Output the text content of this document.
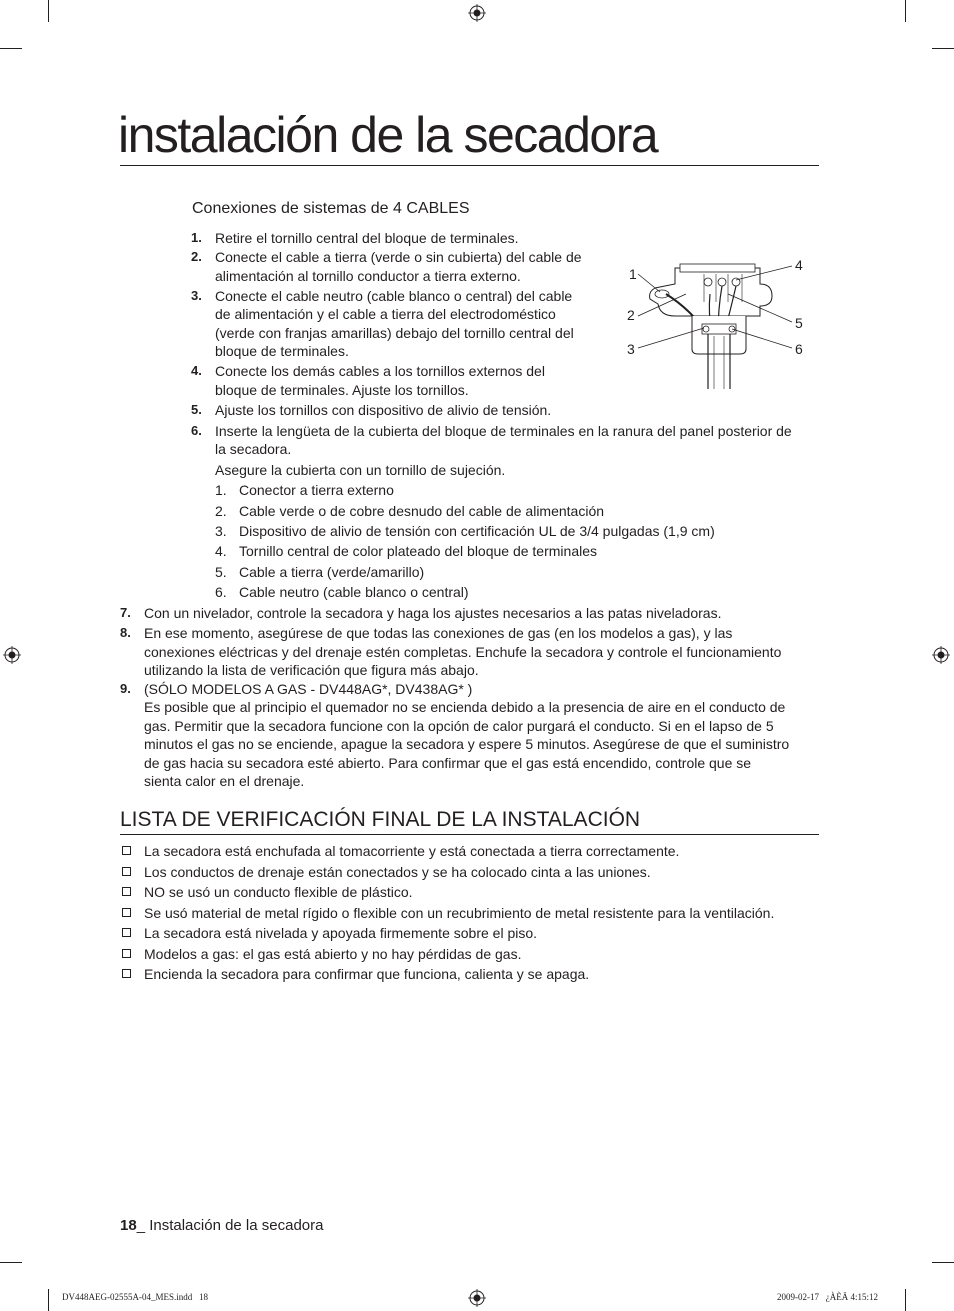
instalación de la secadora
Conexiones de sistemas de 4 CABLES
1. Retire el tornillo central del bloque de terminales.
2. Conecte el cable a tierra (verde o sin cubierta) del cable de
alimentación al tornillo conductor a tierra externo.
3. Conecte el cable neutro (cable blanco o central) del cable
de alimentación y el cable a tierra del electrodoméstico
(verde con franjas amarillas) debajo del tornillo central del
bloque de terminales.
4. Conecte los demás cables a los tornillos externos del
bloque de terminales. Ajuste los tornillos.
5. Ajuste los tornillos con dispositivo de alivio de tensión.
6. Inserte la lengüeta de la cubierta del bloque de terminales en la ranura del panel posterior de
la secadora.
Asegure la cubierta con un tornillo de sujeción.
1. Conector a tierra externo
2. Cable verde o de cobre desnudo del cable de alimentación
3. Dispositivo de alivio de tensión con certificación UL de 3/4 pulgadas (1,9 cm)
4. Tornillo central de color plateado del bloque de terminales
5. Cable a tierra (verde/amarillo)
6. Cable neutro (cable blanco o central)
7. Con un nivelador, controle la secadora y haga los ajustes necesarios a las patas niveladoras.
8. En ese momento, asegúrese de que todas las conexiones de gas (en los modelos a gas), y las
conexiones eléctricas y del drenaje estén completas. Enchufe la secadora y controle el funcionamiento
utilizando la lista de verificación que figura más abajo.
9. (SÓLO MODELOS A GAS - DV448AG*, DV438AG* )
Es posible que al principio el quemador no se encienda debido a la presencia de aire en el conducto de
gas. Permitir que la secadora funcione con la opción de calor purgará el conducto. Si en el lapso de 5
minutos el gas no se enciende, apague la secadora y espere 5 minutos. Asegúrese de que el suministro
de gas hacia su secadora esté abierto. Para confirmar que el gas está encendido, controle que se
sienta calor en el drenaje.
1
2
3
4
5
6
LISTA DE VERIFICACIÓN FINAL DE LA INSTALACIÓN
La secadora está enchufada al tomacorriente y está conectada a tierra correctamente.
Los conductos de drenaje están conectados y se ha colocado cinta a las uniones.
NO se usó un conducto flexible de plástico.
Se usó material de metal rígido o flexible con un recubrimiento de metal resistente para la ventilación.
La secadora está nivelada y apoyada firmemente sobre el piso.
Modelos a gas: el gas está abierto y no hay pérdidas de gas.
Encienda la secadora para confirmar que funciona, calienta y se apaga.
18_ Instalación de la secadora
DV448AEG-02555A-04_MES.indd   18	2009-02-17   ¿ÀÈÄ 4:15:12
